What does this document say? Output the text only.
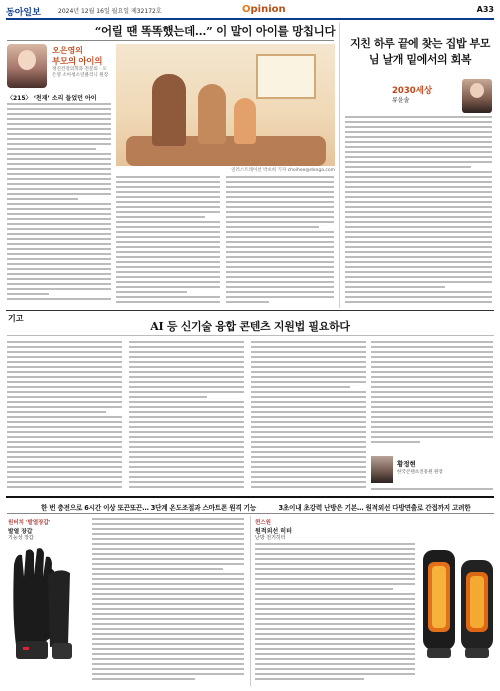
동아일보	2024년 12월 16일 월요일 제32172호	Opinion	A33
“어릴 땐 똑똑했는데…” 이 말이 아이를 망칩니다
오은영의
부모의 아이의
정신건강의학과 전문의 · 오은영 소아청소년클리닉 원장
〈215〉 ‘천재’ 소리 들었던 아이
일러스트레이션 박초희 기자 choihee@donga.com
지친 하루 끝에 찾는 집밥 부모님 날개 밑에서의 회복
2030세상
류윤솔
기고
AI 등 신기술 융합 콘텐츠 지원법 필요하다
황정현
한국콘텐츠진흥원 원장
한 번 충전으로 6시간 이상 또끈또끈… 3단계 온도조절과 스마트폰 원격 기능	3초이내 초강력 난방은 기본… 원적외선 다방면출로 간접까지 고려한
원터치 '발열장갑'
발열 장갑
기능성 장갑
퀸스원
원적외선 히터
난방 전기히터
